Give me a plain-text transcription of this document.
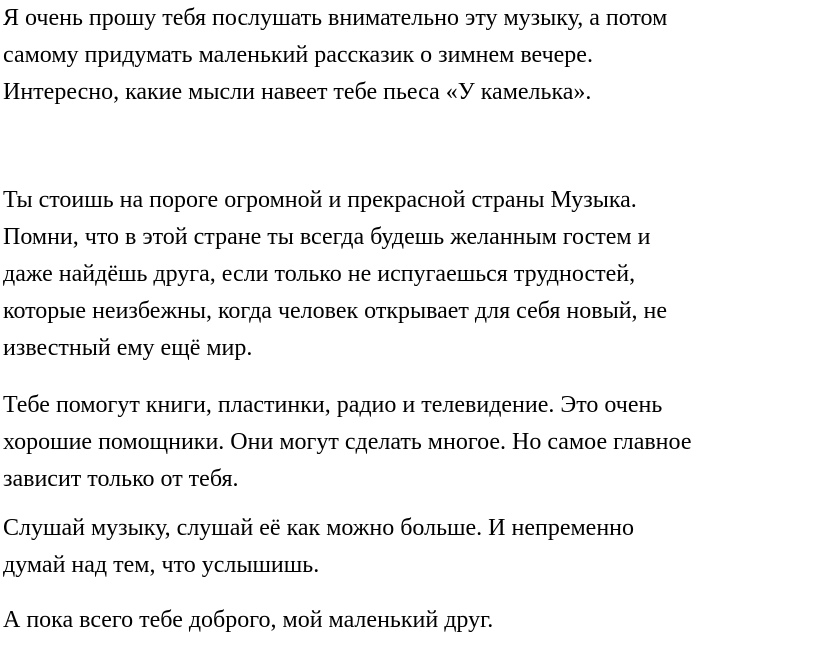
Я очень прошу тебя послушать внимательно эту музыку, а потом
самому придумать маленький рассказик о зимнем вечере.
Интересно, какие мысли навеет тебе пьеса «У камелька».

Ты стоишь на пороге огромной и прекрасной страны Музыка.
Помни, что в этой стране ты всегда будешь желанным гостем и
даже найдёшь друга, если только не испугаешься трудностей,
которые неизбежны, когда человек открывает для себя новый, не
известный ему ещё мир.

Тебе помогут книги, пластинки, радио и телевидение. Это очень
хорошие помощники. Они могут сделать многое. Но самое главное
зависит только от тебя.

Слушай музыку, слушай её как можно больше. И непременно
думай над тем, что услышишь.

А пока всего тебе доброго, мой маленький друг.
